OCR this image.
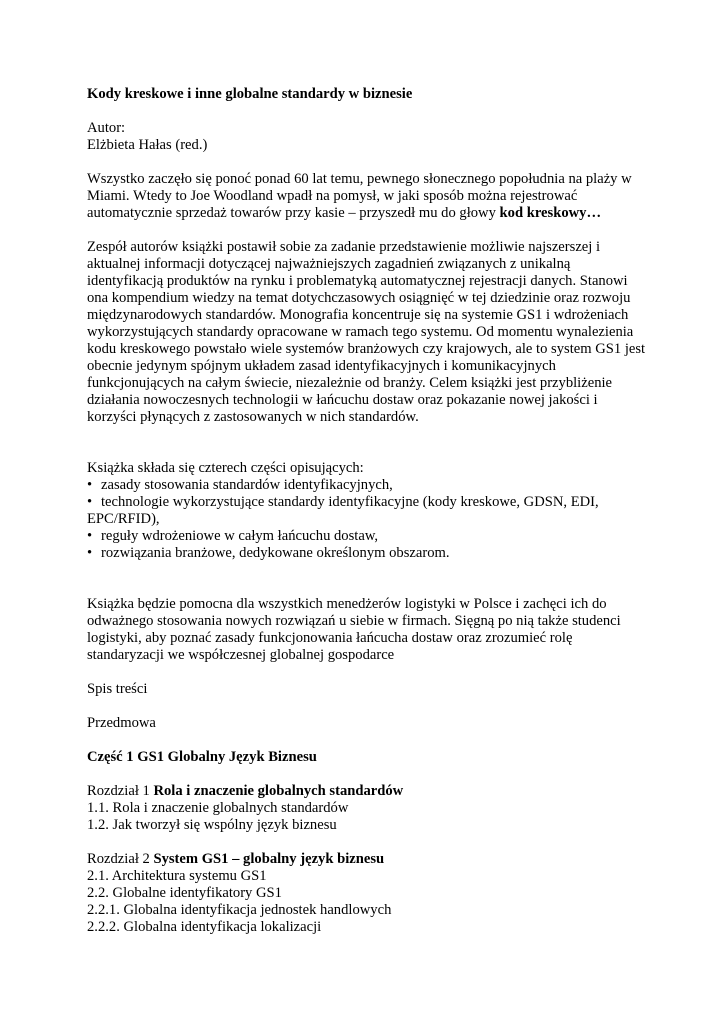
Kody kreskowe i inne globalne standardy w biznesie

Autor:

Elżbieta Hałas (red.)

Wszystko zaczęło się ponoć ponad 60 lat temu, pewnego słonecznego popołudnia na plaży w Miami. Wtedy to Joe Woodland wpadł na pomysł, w jaki sposób można rejestrować automatycznie sprzedaż towarów przy kasie – przyszedł mu do głowy kod kreskowy…

Zespół autorów książki postawił sobie za zadanie przedstawienie możliwie najszerszej i aktualnej informacji dotyczącej najważniejszych zagadnień związanych z unikalną identyfikacją produktów na rynku i problematyką automatycznej rejestracji danych. Stanowi ona kompendium wiedzy na temat dotychczasowych osiągnięć w tej dziedzinie oraz rozwoju międzynarodowych standardów. Monografia koncentruje się na systemie GS1 i wdrożeniach wykorzystujących standardy opracowane w ramach tego systemu. Od momentu wynalezienia kodu kreskowego powstało wiele systemów branżowych czy krajowych, ale to system GS1 jest obecnie jedynym spójnym układem zasad identyfikacyjnych i komunikacyjnych funkcjonujących na całym świecie, niezależnie od branży. Celem książki jest przybliżenie działania nowoczesnych technologii w łańcuchu dostaw oraz pokazanie nowej jakości i korzyści płynących z zastosowanych w nich standardów.

Książka składa się czterech części opisujących:

• zasady stosowania standardów identyfikacyjnych,
• technologie wykorzystujące standardy identyfikacyjne (kody kreskowe, GDSN, EDI,
EPC/RFID),
• reguły wdrożeniowe w całym łańcuchu dostaw,
• rozwiązania branżowe, dedykowane określonym obszarom.

Książka będzie pomocna dla wszystkich menedżerów logistyki w Polsce i zachęci ich do odważnego stosowania nowych rozwiązań u siebie w firmach. Sięgną po nią także studenci logistyki, aby poznać zasady funkcjonowania łańcucha dostaw oraz zrozumieć rolę standaryzacji we współczesnej globalnej gospodarce

Spis treści

Przedmowa

Część 1 GS1 Globalny Język Biznesu

Rozdział 1 Rola i znaczenie globalnych standardów

1.1. Rola i znaczenie globalnych standardów

1.2. Jak tworzył się wspólny język biznesu

Rozdział 2 System GS1 – globalny język biznesu

2.1. Architektura systemu GS1

2.2. Globalne identyfikatory GS1

2.2.1. Globalna identyfikacja jednostek handlowych

2.2.2. Globalna identyfikacja lokalizacji
